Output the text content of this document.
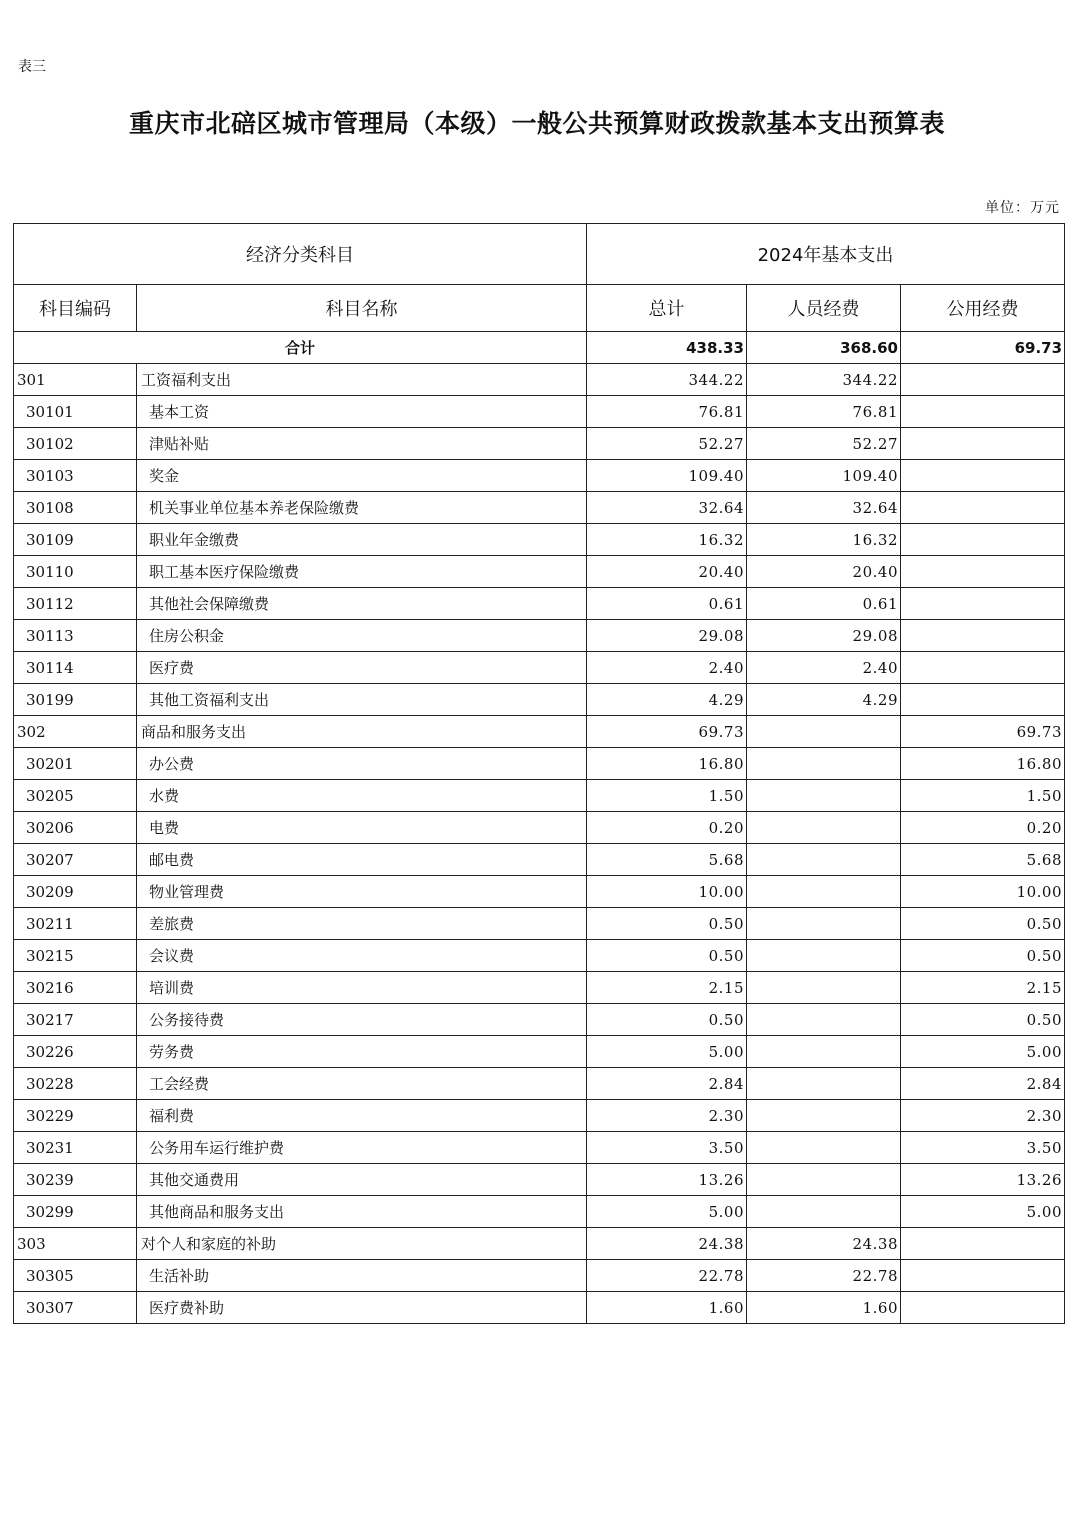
表三
重庆市北碚区城市管理局（本级）一般公共预算财政拨款基本支出预算表
单位：万元
经济分类科目		2024年基本支出		
科目编码	科目名称	总计	人员经费	公用经费
合计		438.33	368.60	69.73
301	工资福利支出	344.22	344.22	
30101	基本工资	76.81	76.81	
30102	津贴补贴	52.27	52.27	
30103	奖金	109.40	109.40	
30108	机关事业单位基本养老保险缴费	32.64	32.64	
30109	职业年金缴费	16.32	16.32	
30110	职工基本医疗保险缴费	20.40	20.40	
30112	其他社会保障缴费	0.61	0.61	
30113	住房公积金	29.08	29.08	
30114	医疗费	2.40	2.40	
30199	其他工资福利支出	4.29	4.29	
302	商品和服务支出	69.73		69.73
30201	办公费	16.80		16.80
30205	水费	1.50		1.50
30206	电费	0.20		0.20
30207	邮电费	5.68		5.68
30209	物业管理费	10.00		10.00
30211	差旅费	0.50		0.50
30215	会议费	0.50		0.50
30216	培训费	2.15		2.15
30217	公务接待费	0.50		0.50
30226	劳务费	5.00		5.00
30228	工会经费	2.84		2.84
30229	福利费	2.30		2.30
30231	公务用车运行维护费	3.50		3.50
30239	其他交通费用	13.26		13.26
30299	其他商品和服务支出	5.00		5.00
303	对个人和家庭的补助	24.38	24.38	
30305	生活补助	22.78	22.78	
30307	医疗费补助	1.60	1.60	
